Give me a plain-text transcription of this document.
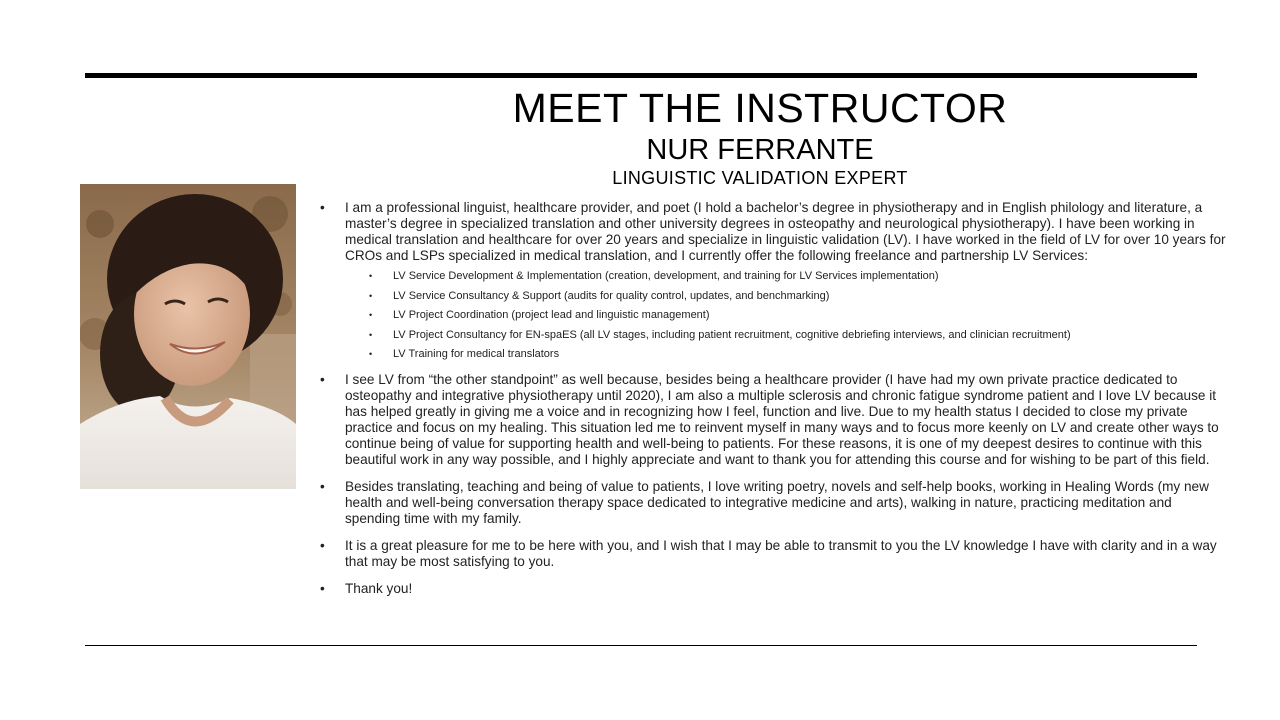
MEET THE INSTRUCTOR
NUR FERRANTE
LINGUISTIC VALIDATION EXPERT
• I am a professional linguist, healthcare provider, and poet (I hold a bachelor’s degree in physiotherapy and in English philology and literature, a master’s degree in specialized translation and other university degrees in osteopathy and neurological physiotherapy). I have been working in medical translation and healthcare for over 20 years and specialize in linguistic validation (LV). I have worked in the field of LV for over 10 years for CROs and LSPs specialized in medical translation, and I currently offer the following freelance and partnership LV Services:
• LV Service Development & Implementation (creation, development, and training for LV Services implementation)
• LV Service Consultancy & Support (audits for quality control, updates, and benchmarking)
• LV Project Coordination (project lead and linguistic management)
• LV Project Consultancy for EN-spaES (all LV stages, including patient recruitment, cognitive debriefing interviews, and clinician recruitment)
• LV Training for medical translators
• I see LV from “the other standpoint” as well because, besides being a healthcare provider (I have had my own private practice dedicated to osteopathy and integrative physiotherapy until 2020), I am also a multiple sclerosis and chronic fatigue syndrome patient and I love LV because it has helped greatly in giving me a voice and in recognizing how I feel, function and live. Due to my health status I decided to close my private practice and focus on my healing. This situation led me to reinvent myself in many ways and to focus more keenly on LV and create other ways to continue being of value for supporting health and well-being to patients. For these reasons, it is one of my deepest desires to continue with this beautiful work in any way possible, and I highly appreciate and want to thank you for attending this course and for wishing to be part of this field.
• Besides translating, teaching and being of value to patients, I love writing poetry, novels and self-help books, working in Healing Words (my new health and well-being conversation therapy space dedicated to integrative medicine and arts), walking in nature, practicing meditation and spending time with my family.
• It is a great pleasure for me to be here with you, and I wish that I may be able to transmit to you the LV knowledge I have with clarity and in a way that may be most satisfying to you.
• Thank you!
